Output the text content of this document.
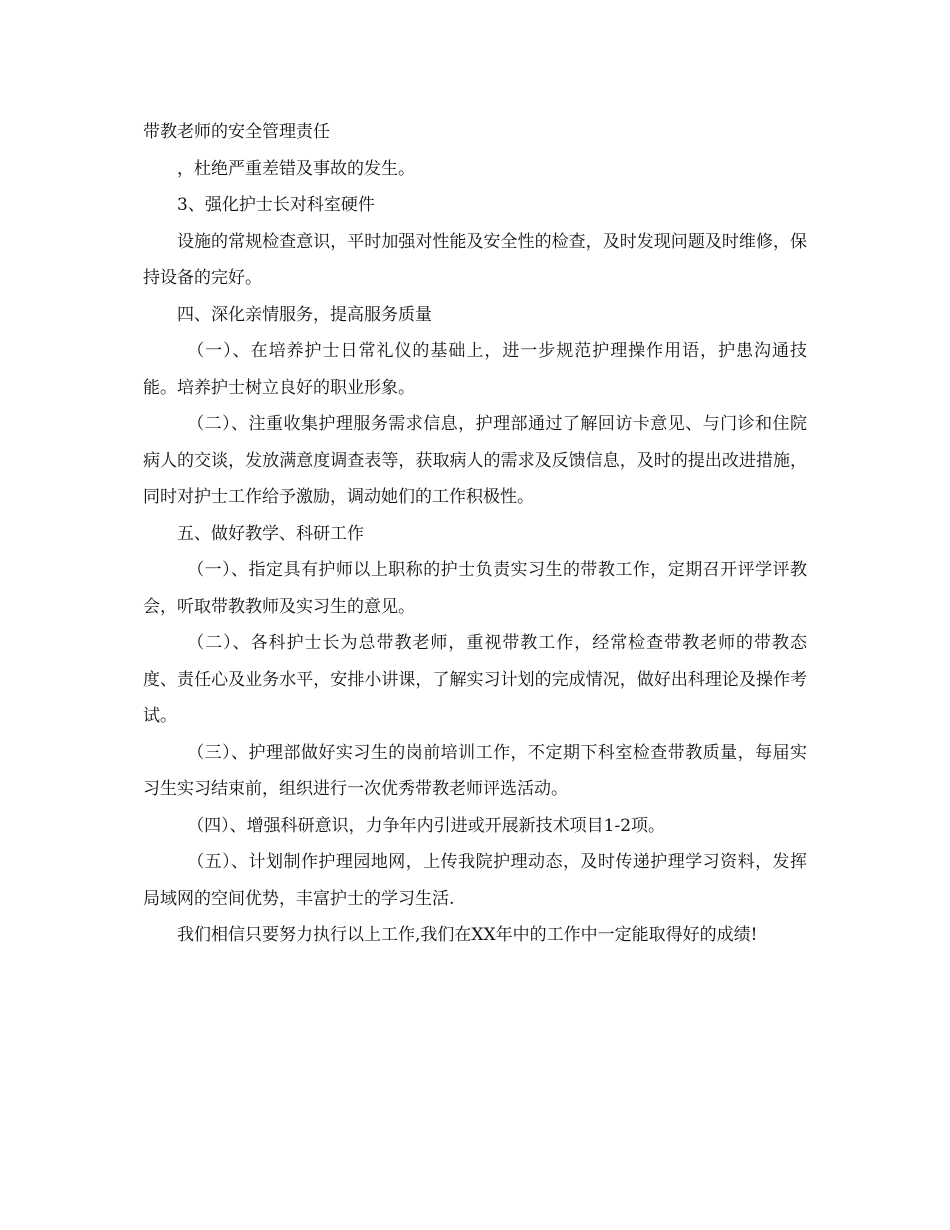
带教老师的安全管理责任

，杜绝严重差错及事故的发生。

3、强化护士长对科室硬件

设施的常规检查意识，平时加强对性能及安全性的检查，及时发现问题及时维修，保持设备的完好。

四、深化亲情服务，提高服务质量

（一）、在培养护士日常礼仪的基础上，进一步规范护理操作用语，护患沟通技能。培养护士树立良好的职业形象。

（二）、注重收集护理服务需求信息，护理部通过了解回访卡意见、与门诊和住院病人的交谈，发放满意度调查表等，获取病人的需求及反馈信息，及时的提出改进措施，同时对护士工作给予激励，调动她们的工作积极性。

五、做好教学、科研工作

（一）、指定具有护师以上职称的护士负责实习生的带教工作，定期召开评学评教会，听取带教教师及实习生的意见。

（二）、各科护士长为总带教老师，重视带教工作，经常检查带教老师的带教态度、责任心及业务水平，安排小讲课，了解实习计划的完成情况，做好出科理论及操作考试。

（三）、护理部做好实习生的岗前培训工作，不定期下科室检查带教质量，每届实习生实习结束前，组织进行一次优秀带教老师评选活动。

（四）、增强科研意识，力争年内引进或开展新技术项目1-2项。

（五）、计划制作护理园地网，上传我院护理动态，及时传递护理学习资料，发挥局域网的空间优势，丰富护士的学习生活.

我们相信只要努力执行以上工作,我们在XX年中的工作中一定能取得好的成绩!
